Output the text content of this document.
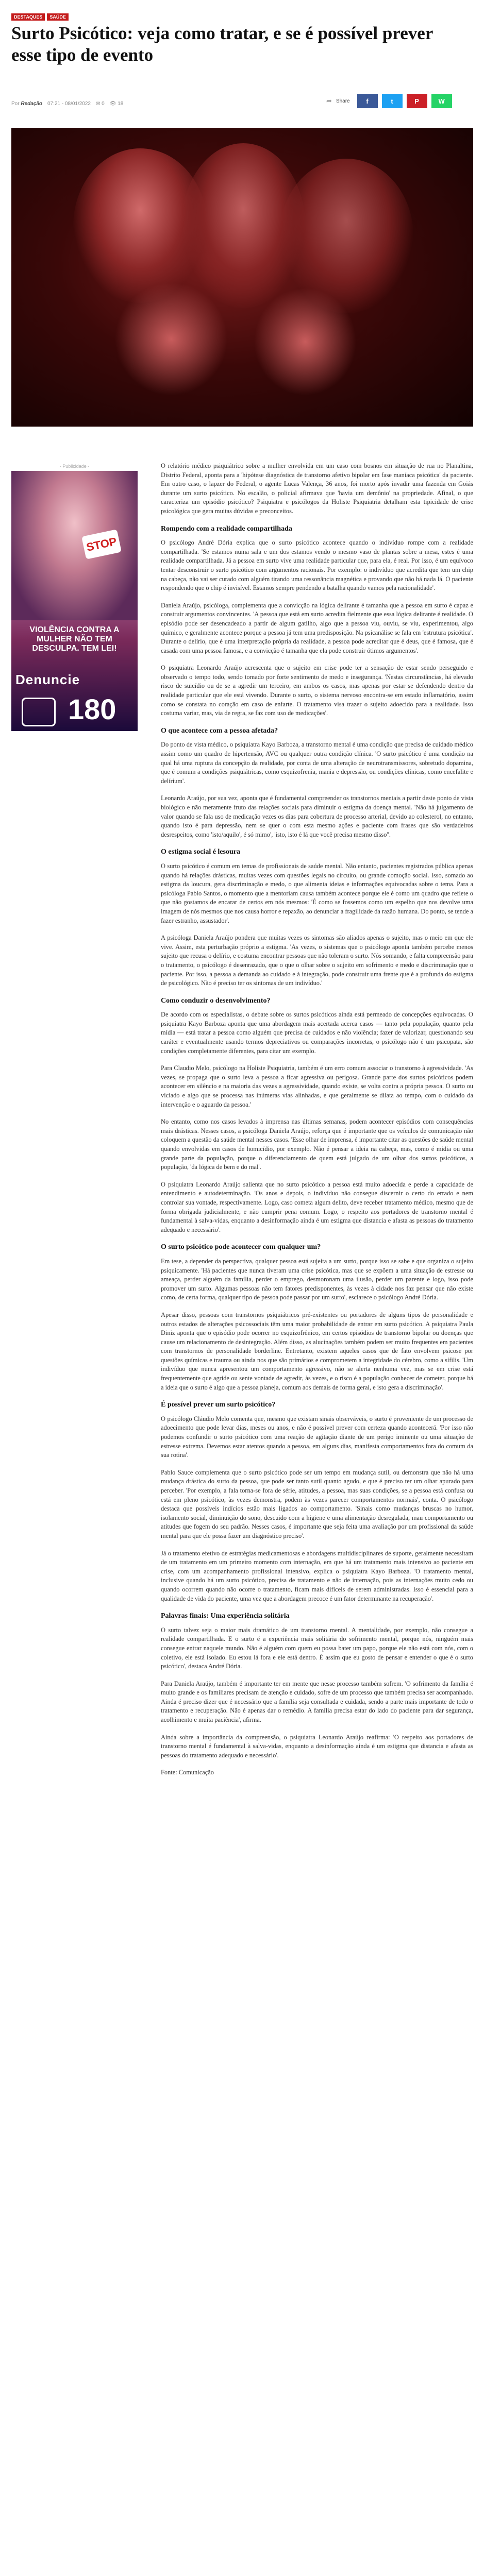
DESTAQUES	SAÚDE
Surto Psicótico: veja como tratar, e se é possível prever esse tipo de evento
Por Redação 07:21 - 08/01/2022 ✉ 0 👁 18	➦ Share	f	t	P	W
- Publicidade -
STOP
VIOLÊNCIA CONTRA A MULHER NÃO TEM DESCULPA. TEM LEI!
Denuncie
180

O relatório médico psiquiátrico sobre a mulher envolvida em um caso com bosnos em situação de rua no Planaltina, Distrito Federal, aponta para a 'hipótese diagnóstica de transtorno afetivo bipolar em fase maníaca psicótica' da paciente. Em outro caso, o lapzer do Federal, o agente Lucas Valença, 36 anos, foi morto após invadir uma fazenda em Goiás durante um surto psicótico. No escalão, o policial afirmava que 'havia um demônio' na propriedade. Afinal, o que caracteriza um episódio psicótico? Psiquiatra e psicólogos da Holiste Psiquiatria detalham esta tipicidade de crise psicológica que gera muitas dúvidas e preconceitos.

Rompendo com a realidade compartilhada

O psicólogo André Dória explica que o surto psicótico acontece quando o indivíduo rompe com a realidade compartilhada. 'Se estamos numa sala e um dos estamos vendo o mesmo vaso de plantas sobre a mesa, estes é uma realidade compartilhada. Já a pessoa em surto vive uma realidade particular que, para ela, é real. Por isso, é um equívoco tentar desconstruir o surto psicótico com argumentos racionais. Por exemplo: o indivíduo que acredita que tem um chip na cabeça, não vai ser curado com alguém tirando uma ressonância magnética e provando que não há nada lá. O paciente respondendo que o chip é invisível. Estamos sempre pendendo a batalha quando vamos pela racionalidade'.

Daniela Araújo, psicóloga, complementa que a convicção na lógica delirante é tamanha que a pessoa em surto é capaz e construir argumentos convincentes. 'A pessoa que está em surto acredita fielmente que essa lógica delirante é realidade. O episódio pode ser desencadeado a partir de algum gatilho, algo que a pessoa viu, ouviu, se viu, experimentou, algo químico, e geralmente acontece porque a pessoa já tem uma predisposição. Na psicanálise se fala em 'estrutura psicótica'. Durante o delírio, que é uma interpretação própria da realidade, a pessoa pode acreditar que é deus, que é famosa, que é casada com uma pessoa famosa, e a convicção é tamanha que ela pode construir ótimos argumentos'.

O psiquiatra Leonardo Araújo acrescenta que o sujeito em crise pode ter a sensação de estar sendo perseguido e observado o tempo todo, sendo tomado por forte sentimento de medo e insegurança. 'Nestas circunstâncias, há elevado risco de suicídio ou de se a agredir um terceiro, em ambos os casos, mas apenas por estar se defendendo dentro da realidade particular que ele está vivendo. Durante o surto, o sistema nervoso encontra-se em estado inflamatório, assim como se constata no coração em caso de enfarte. O tratamento visa trazer o sujeito adoecido para a realidade. Isso costuma variar, mas, via de regra, se faz com uso de medicações'.

O que acontece com a pessoa afetada?

Do ponto de vista médico, o psiquiatra Kayo Barboza, a transtorno mental é uma condição que precisa de cuidado médico assim como um quadro de hipertensão, AVC ou qualquer outra condição clínica. 'O surto psicótico é uma condição na qual há uma ruptura da concepção da realidade, por conta de uma alteração de neurotransmissores, sobretudo dopamina, que é comum a condições psiquiátricas, como esquizofrenia, mania e depressão, ou condições clínicas, como encefalite e delírium'.

Leonardo Araújo, por sua vez, aponta que é fundamental compreender os transtornos mentais a partir deste ponto de vista biológico e não meramente fruto das relações sociais para diminuir o estigma da doença mental. 'Não há julgamento de valor quando se fala uso de medicação vezes os dias para cobertura de processo arterial, devido ao colesterol, no entanto, quando isto é para depressão, nem se quer o com esta mesmo ações e paciente com frases que são verdadeiros desrespeitos, como 'isto/aquilo', é só mimo', 'isto, isto é lá que você precisa mesmo disso''.

O estigma social é lesoura

O surto psicótico é comum em temas de profissionais de saúde mental. Não entanto, pacientes registrados pública apenas quando há relações drásticas, muitas vezes com questões legais no circuito, ou grande comoção social. Isso, somado ao estigma da loucura, gera discriminação e medo, o que alimenta ideias e informações equivocadas sobre o tema. Para a psicóloga Pablo Santos, o momento que a mentoriam causa também acontece porque ele é como um quadro que reflete o que não gostamos de encarar de certos em nós mesmos: 'É como se fossemos como um espelho que nos devolve uma imagem de nós mesmos que nos causa horror e repaxão, ao denunciar a fragilidade da razão humana. Do ponto, se tende a fazer estranho, assustador'.

A psicóloga Daniela Araújo pondera que muitas vezes os sintomas são aliados apenas o sujeito, mas o meio em que ele vive. Assim, esta perturbação próprio a estigma. 'As vezes, o sistemas que o psicólogo aponta também percebe menos sujeito que recusa o delírio, e costuma encontrar pessoas que não toleram o surto. Nós somando, e falta compreensão para o tratamento, o psicólogo é desenrazado, que o que o olhar sobre o sujeito em sofrimento e medo e discriminação que o paciente. Por isso, a pessoa a demanda ao cuidado e à integração, pode construir uma frente que é a profunda do estigma de psicológico. Não é preciso ter os sintomas de um indivíduo.'

Como conduzir o desenvolvimento?

De acordo com os especialistas, o debate sobre os surtos psicóticos ainda está permeado de concepções equivocadas. O psiquiatra Kayo Barboza aponta que uma abordagem mais acertada acerca casos — tanto pela população, quanto pela mídia — está tratar a pessoa como alguém que precisa de cuidados e não violência; fazer de valorizar, questionando seu caráter e eventualmente usando termos depreciativos ou comparações incorretas, o psicólogo não é um psicopata, são condições completamente diferentes, para citar um exemplo.

Para Claudio Melo, psicólogo na Holiste Psiquiatria, também é um erro comum associar o transtorno à agressividade. 'As vezes, se propaga que o surto leva a pessoa a ficar agressiva ou perigosa. Grande parte dos surtos psicóticos podem acontecer em silêncio e na maioria das vezes a agressividade, quando existe, se volta contra a própria pessoa. O surto ou viciado e algo que se processa nas inúmeras vias alinhadas, e que geralmente se dilata ao tempo, com o cuidado da intervenção e o aguardo da pessoa.'

No entanto, como nos casos levados à imprensa nas últimas semanas, podem acontecer episódios com consequências mais drásticas. Nesses casos, a psicóloga Daniela Araújo, reforça que é importante que os veículos de comunicação não coloquem a questão da saúde mental nesses casos. 'Esse olhar de imprensa, é importante citar as questões de saúde mental quando envolvidas em casos de homicídio, por exemplo. Não é pensar a ideia na cabeça, mas, como é midia ou uma grande parte da população, porque o diferenciamento de quem está julgado de um olhar dos surtos psicóticos, a população, 'da lógica de bem e do mal'.

O psiquiatra Leonardo Araújo salienta que no surto psicótico a pessoa está muito adoecida e perde a capacidade de entendimento e autodeterminação. 'Os anos e depois, o indivíduo não consegue discernir o certo do errado e nem controlar sua vontade, respectivamente. Logo, caso cometa algum delito, deve receber tratamento médico, mesmo que de forma obrigada judicialmente, e não cumprir pena comum. Logo, o respeito aos portadores de transtorno mental é fundamental à salva-vidas, enquanto a desinformação ainda é um estigma que distancia e afasta as pessoas do tratamento adequado e necessário'.

O surto psicótico pode acontecer com qualquer um?

Em tese, a depender da perspectiva, qualquer pessoa está sujeita a um surto, porque isso se sabe e que organiza o sujeito psiquicamente. 'Há pacientes que nunca tiveram uma crise psicótica, mas que se expõem a uma situação de estresse ou ameaça, perder alguém da família, perder o emprego, desmoronam uma ilusão, perder um parente e logo, isso pode promover um surto. Algumas pessoas não tem fatores predisponentes, às vezes à cidade nos faz pensar que não existe como, de certa forma, qualquer tipo de pessoa pode passar por um surto', esclarece o psicólogo André Dória.

Apesar disso, pessoas com transtornos psiquiátricos pré-existentes ou portadores de alguns tipos de personalidade e outros estados de alterações psicossociais têm uma maior probabilidade de entrar em surto psicótico. A psiquiatra Paula Diniz aponta que o episódio pode ocorrer no esquizofrênico, em certos episódios de transtorno bipolar ou doenças que cause um relacionamento de desintegração. Além disso, as alucinações também podem ser muito frequentes em pacientes com transtornos de personalidade borderline. Entretanto, existem aqueles casos que de fato envolvem psicose por questões químicas e trauma ou ainda nos que são primários e comprometem a integridade do cérebro, como a sífilis. 'Um indivíduo que nunca apresentou um comportamento agressivo, não se alerta nenhuma vez, mas se em crise está frequentemente que agride ou sente vontade de agredir, às vezes, e o risco é a população conhecer de cometer, porque há a ideia que o surto é algo que a pessoa planeja, comum aos demais de forma geral, e isto gera a discriminação'.

É possível prever um surto psicótico?

O psicólogo Cláudio Melo comenta que, mesmo que existam sinais observáveis, o surto é proveniente de um processo de adoecimento que pode levar dias, meses ou anos, e não é possível prever com certeza quando acontecerá. 'Por isso não podemos confundir o surto psicótico com uma reação de agitação diante de um perigo iminente ou uma situação de estresse extrema. Devemos estar atentos quando a pessoa, em alguns dias, manifesta comportamentos fora do comum da sua rotina'.

Pablo Sauce complementa que o surto psicótico pode ser um tempo em mudança sutil, ou demonstra que não há uma mudança drástica do surto da pessoa, que pode ser tanto sutil quanto agudo, e que é preciso ter um olhar apurado para perceber. 'Por exemplo, a fala torna-se fora de série, atitudes, a pessoa, mas suas condições, se a pessoa está confusa ou está em pleno psicótico, às vezes demonstra, podem às vezes parecer comportamentos normais', conta. O psicólogo destaca que possíveis indícios estão mais ligados ao comportamento. 'Sinais como mudanças bruscas no humor, isolamento social, diminuição do sono, descuido com a higiene e uma alimentação desregulada, mau comportamento ou atitudes que fogem do seu padrão. Nesses casos, é importante que seja feita uma avaliação por um profissional da saúde mental para que ele possa fazer um diagnóstico preciso'.

Já o tratamento efetivo de estratégias medicamentosas e abordagens multidisciplinares de suporte, geralmente necessitam de um tratamento em um primeiro momento com internação, em que há um tratamento mais intensivo ao paciente em crise, com um acompanhamento profissional intensivo, explica o psiquiatra Kayo Barboza. 'O tratamento mental, inclusive quando há um surto psicótico, precisa de tratamento e não de internação, pois as internações muito cedo ou quando ocorrem quando não ocorre o tratamento, ficam mais difíceis de serem administradas. Isso é essencial para a qualidade de vida do paciente, uma vez que a abordagem precoce é um fator determinante na recuperação'.

Palavras finais: Uma experiência solitária

O surto talvez seja o maior mais dramático de um transtorno mental. A mentalidade, por exemplo, não consegue a realidade compartilhada. E o surto é a experiência mais solitária do sofrimento mental, porque nós, ninguém mais consegue entrar naquele mundo. Não é alguém com quem eu possa bater um papo, porque ele não está com nós, com o coletivo, ele está isolado. Eu estou lá fora e ele está dentro. É assim que eu gosto de pensar e entender o que é o surto psicótico', destaca André Dória.

Para Daniela Araújo, também é importante ter em mente que nesse processo também sofrem. 'O sofrimento da família é muito grande e os familiares precisam de atenção e cuidado, sofre de um processo que também precisa ser acompanhado. Ainda é preciso dizer que é necessário que a família seja consultada e cuidada, sendo a parte mais importante de todo o tratamento e recuperação. Não é apenas dar o remédio. A família precisa estar do lado do paciente para dar segurança, acolhimento e muita paciência', afirma.

Ainda sobre a importância da compreensão, o psiquiatra Leonardo Araújo reafirma: 'O respeito aos portadores de transtorno mental é fundamental à salva-vidas, enquanto a desinformação ainda é um estigma que distancia e afasta as pessoas do tratamento adequado e necessário'.

Fonte: Comunicação
